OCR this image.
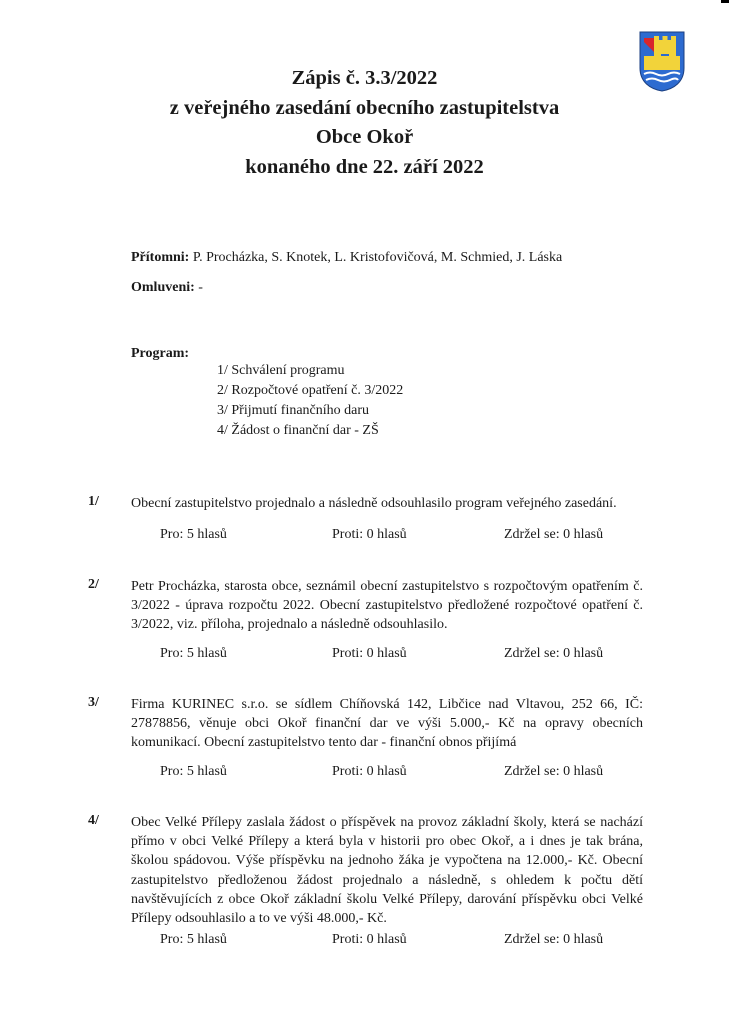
Zápis č. 3.3/2022
z veřejného zasedání obecního zastupitelstva
Obce Okoř
konaného dne 22. září 2022
Přítomni: P. Procházka, S. Knotek, L. Kristofovičová, M. Schmied, J. Láska
Omluveni: -
Program:
1/ Schválení programu
2/ Rozpočtové opatření č. 3/2022
3/ Přijmutí finančního daru
4/ Žádost o finanční dar - ZŠ
1/ Obecní zastupitelstvo projednalo a následně odsouhlasilo program veřejného zasedání.
Pro: 5 hlasů	Proti: 0 hlasů	Zdržel se: 0 hlasů
2/ Petr Procházka, starosta obce, seznámil obecní zastupitelstvo s rozpočtovým opatřením č. 3/2022 - úprava rozpočtu 2022. Obecní zastupitelstvo předložené rozpočtové opatření č. 3/2022, viz. příloha, projednalo a následně odsouhlasilo.
Pro: 5 hlasů	Proti: 0 hlasů	Zdržel se: 0 hlasů
3/ Firma KURINEC s.r.o. se sídlem Chíňovská 142, Libčice nad Vltavou, 252 66, IČ: 27878856, věnuje obci Okoř finanční dar ve výši 5.000,- Kč na opravy obecních komunikací. Obecní zastupitelstvo tento dar - finanční obnos přijímá
Pro: 5 hlasů	Proti: 0 hlasů	Zdržel se: 0 hlasů
4/ Obec Velké Přílepy zaslala žádost o příspěvek na provoz základní školy, která se nachází přímo v obci Velké Přílepy a která byla v historii pro obec Okoř, a i dnes je tak brána, školou spádovou. Výše příspěvku na jednoho žáka je vypočtena na 12.000,- Kč. Obecní zastupitelstvo předloženou žádost projednalo a následně, s ohledem k počtu dětí navštěvujících z obce Okoř základní školu Velké Přílepy, darování příspěvku obci Velké Přílepy odsouhlasilo a to ve výši 48.000,- Kč.
Pro: 5 hlasů	Proti: 0 hlasů	Zdržel se: 0 hlasů
